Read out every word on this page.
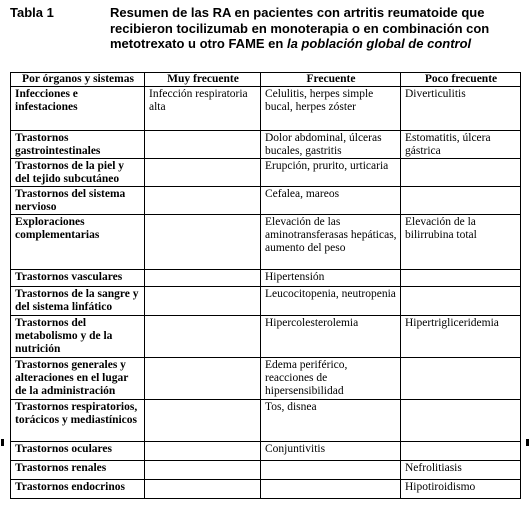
Tabla 1	Resumen de las RA en pacientes con artritis reumatoide que recibieron tocilizumab en monoterapia o en combinación con metotrexato u otro FAME en la población global de control
Por órganos y sistemas	Muy frecuente	Frecuente	Poco frecuente
Infecciones e infestaciones	Infección respiratoria alta	Celulitis, herpes simple bucal, herpes zóster	Diverticulitis
Trastornos gastrointestinales		Dolor abdominal, úlceras bucales, gastritis	Estomatitis, úlcera gástrica
Trastornos de la piel y del tejido subcutáneo		Erupción, prurito, urticaria	
Trastornos del sistema nervioso		Cefalea, mareos	
Exploraciones complementarias		Elevación de las aminotransferasas hepáticas, aumento del peso	Elevación de la bilirrubina total
Trastornos vasculares		Hipertensión	
Trastornos de la sangre y del sistema linfático		Leucocitopenia, neutropenia	
Trastornos del metabolismo y de la nutrición		Hipercolesterolemia	Hipertrigliceridemia
Trastornos generales y alteraciones en el lugar de la administración		Edema periférico, reacciones de hipersensibilidad	
Trastornos respiratorios, torácicos y mediastínicos		Tos, disnea	
Trastornos oculares		Conjuntivitis	
Trastornos renales			Nefrolitiasis
Trastornos endocrinos			Hipotiroidismo
